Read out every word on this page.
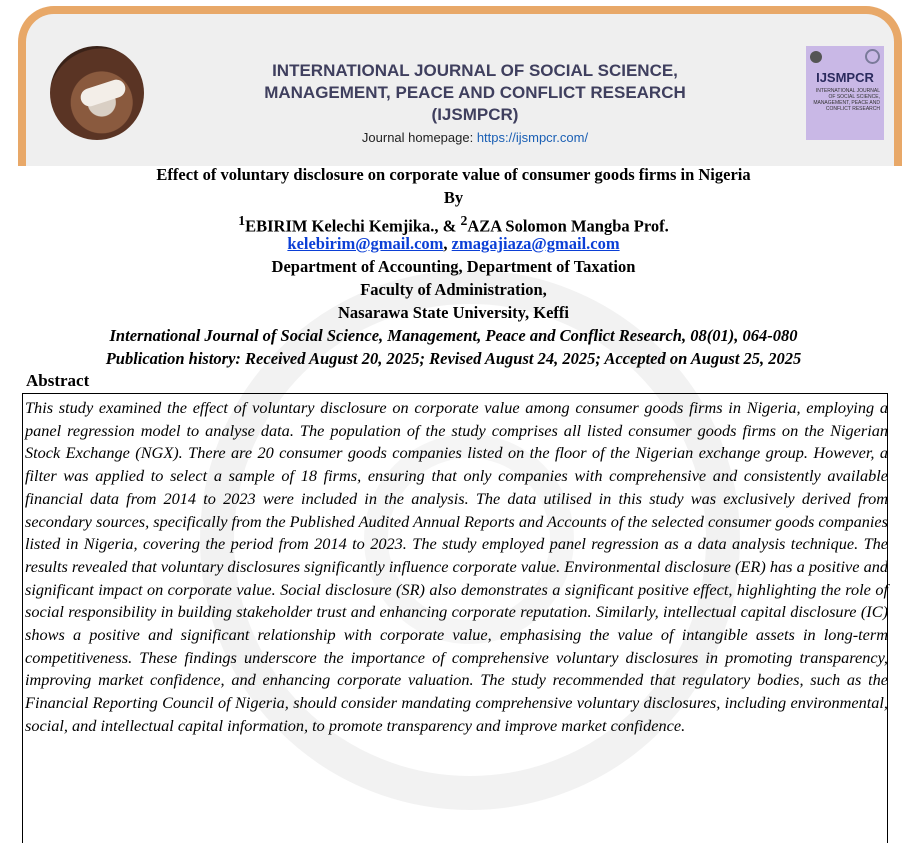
INTERNATIONAL JOURNAL OF SOCIAL SCIENCE,
MANAGEMENT, PEACE AND CONFLICT RESEARCH
(IJSMPCR)
Journal homepage: https://ijsmpcr.com/
IJSMPCR
INTERNATIONAL JOURNAL OF SOCIAL SCIENCE, MANAGEMENT, PEACE AND CONFLICT RESEARCH
Effect of voluntary disclosure on corporate value of consumer goods firms in Nigeria
By
$^1$EBIRIM Kelechi Kemjika., & $^2$AZA Solomon Mangba Prof.
kelebirim@gmail.com, zmagajiaza@gmail.com
Department of Accounting, Department of Taxation
Faculty of Administration,
Nasarawa State University, Keffi
International Journal of Social Science, Management, Peace and Conflict Research, 08(01), 064-080
Publication history: Received August 20, 2025; Revised August 24, 2025; Accepted on August 25, 2025
Abstract

This study examined the effect of voluntary disclosure on corporate value among consumer goods firms in Nigeria, employing a panel regression model to analyse data. The population of the study comprises all listed consumer goods firms on the Nigerian Stock Exchange (NGX). There are 20 consumer goods companies listed on the floor of the Nigerian exchange group. However, a filter was applied to select a sample of 18 firms, ensuring that only companies with comprehensive and consistently available financial data from 2014 to 2023 were included in the analysis. The data utilised in this study was exclusively derived from secondary sources, specifically from the Published Audited Annual Reports and Accounts of the selected consumer goods companies listed in Nigeria, covering the period from 2014 to 2023. The study employed panel regression as a data analysis technique. The results revealed that voluntary disclosures significantly influence corporate value. Environmental disclosure (ER) has a positive and significant impact on corporate value. Social disclosure (SR) also demonstrates a significant positive effect, highlighting the role of social responsibility in building stakeholder trust and enhancing corporate reputation. Similarly, intellectual capital disclosure (IC) shows a positive and significant relationship with corporate value, emphasising the value of intangible assets in long-term competitiveness. These findings underscore the importance of comprehensive voluntary disclosures in promoting transparency, improving market confidence, and enhancing corporate valuation. The study recommended that regulatory bodies, such as the Financial Reporting Council of Nigeria, should consider mandating comprehensive voluntary disclosures, including environmental, social, and intellectual capital information, to promote transparency and improve market confidence.
